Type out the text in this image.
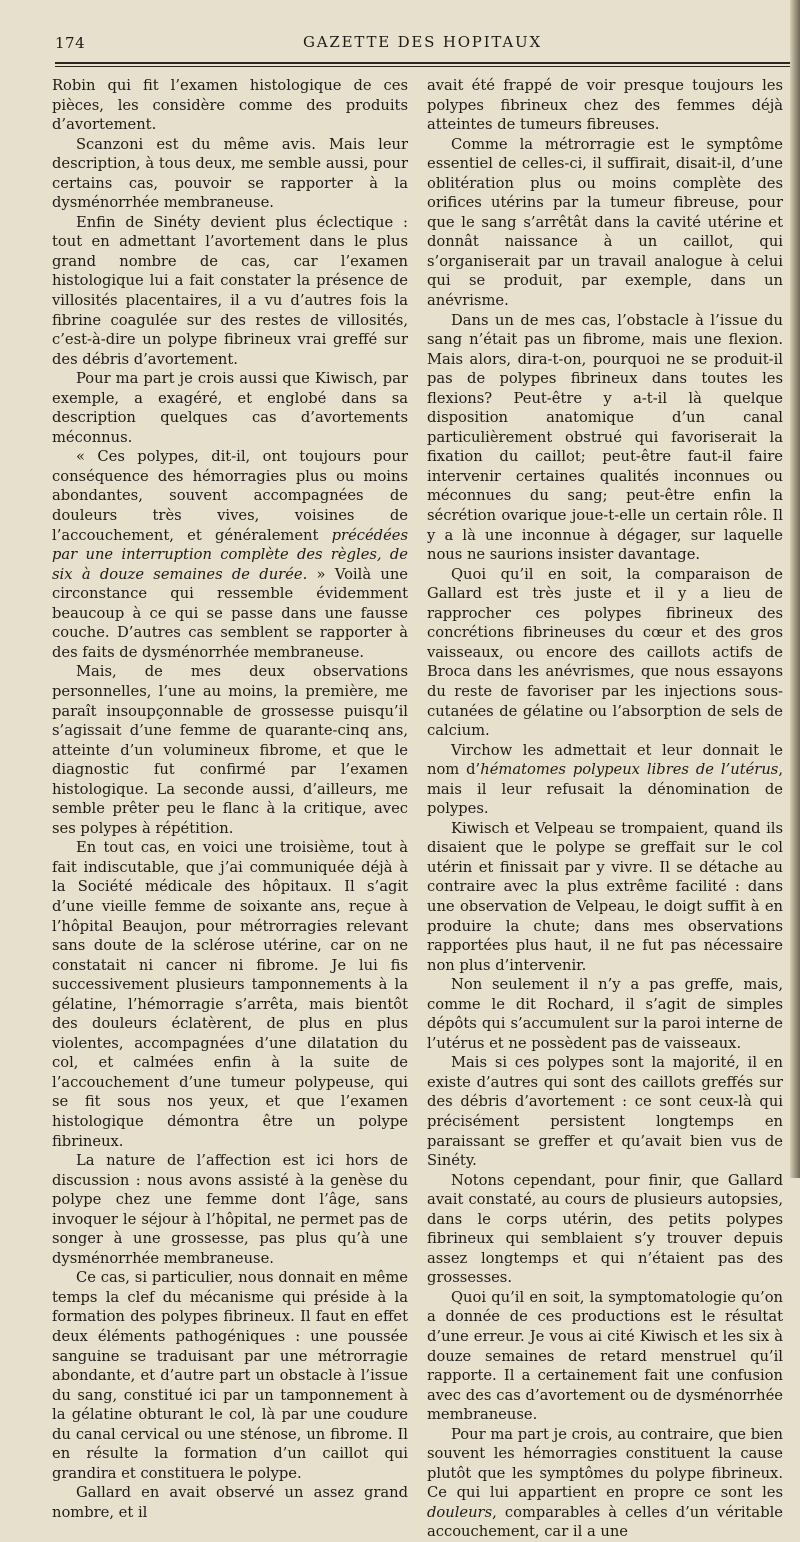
174	GAZETTE DES HOPITAUX

Robin qui fit l’examen histologique de ces pièces, les considère comme des produits d’avortement.

Scanzoni est du même avis. Mais leur description, à tous deux, me semble aussi, pour certains cas, pouvoir se rapporter à la dysménorrhée membraneuse.

Enfin de Sinéty devient plus éclectique : tout en admettant l’avortement dans le plus grand nombre de cas, car l’examen histologique lui a fait constater la présence de villosités placentaires, il a vu d’autres fois la fibrine coagulée sur des restes de villosités, c’est-à-dire un polype fibrineux vrai greffé sur des débris d’avortement.

Pour ma part je crois aussi que Kiwisch, par exemple, a exagéré, et englobé dans sa description quelques cas d’avortements méconnus.

« Ces polypes, dit-il, ont toujours pour conséquence des hémorragies plus ou moins abondantes, souvent accompagnées de douleurs très vives, voisines de l’accouchement, et généralement précédées par une interruption complète des règles, de six à douze semaines de durée. » Voilà une circonstance qui ressemble évidemment beaucoup à ce qui se passe dans une fausse couche. D’autres cas semblent se rapporter à des faits de dysménorrhée membraneuse.

Mais, de mes deux observations personnelles, l’une au moins, la première, me paraît insoupçonnable de grossesse puisqu’il s’agissait d’une femme de quarante-cinq ans, atteinte d’un volumineux fibrome, et que le diagnostic fut confirmé par l’examen histologique. La seconde aussi, d’ailleurs, me semble prêter peu le flanc à la critique, avec ses polypes à répétition.

En tout cas, en voici une troisième, tout à fait indiscutable, que j’ai communiquée déjà à la Société médicale des hôpitaux. Il s’agit d’une vieille femme de soixante ans, reçue à l’hôpital Beaujon, pour métrorragies relevant sans doute de la sclérose utérine, car on ne constatait ni cancer ni fibrome. Je lui fis successivement plusieurs tamponnements à la gélatine, l’hémorragie s’arrêta, mais bientôt des douleurs éclatèrent, de plus en plus violentes, accompagnées d’une dilatation du col, et calmées enfin à la suite de l’accouchement d’une tumeur polypeuse, qui se fit sous nos yeux, et que l’examen histologique démontra être un polype fibrineux.

La nature de l’affection est ici hors de discussion : nous avons assisté à la genèse du polype chez une femme dont l’âge, sans invoquer le séjour à l’hôpital, ne permet pas de songer à une grossesse, pas plus qu’à une dysménorrhée membraneuse.

Ce cas, si particulier, nous donnait en même temps la clef du mécanisme qui préside à la formation des polypes fibrineux. Il faut en effet deux éléments pathogéniques : une poussée sanguine se traduisant par une métrorragie abondante, et d’autre part un obstacle à l’issue du sang, constitué ici par un tamponnement à la gélatine obturant le col, là par une coudure du canal cervical ou une sténose, un fibrome. Il en résulte la formation d’un caillot qui grandira et constituera le polype.

Gallard en avait observé un assez grand nombre, et il

avait été frappé de voir presque toujours les polypes fibrineux chez des femmes déjà atteintes de tumeurs fibreuses.

Comme la métrorragie est le symptôme essentiel de celles-ci, il suffirait, disait-il, d’une oblitération plus ou moins complète des orifices utérins par la tumeur fibreuse, pour que le sang s’arrêtât dans la cavité utérine et donnât naissance à un caillot, qui s’organiserait par un travail analogue à celui qui se produit, par exemple, dans un anévrisme.

Dans un de mes cas, l’obstacle à l’issue du sang n’était pas un fibrome, mais une flexion. Mais alors, dira-t-on, pourquoi ne se produit-il pas de polypes fibrineux dans toutes les flexions? Peut-être y a-t-il là quelque disposition anatomique d’un canal particulièrement obstrué qui favoriserait la fixation du caillot; peut-être faut-il faire intervenir certaines qualités inconnues ou méconnues du sang; peut-être enfin la sécrétion ovarique joue-t-elle un certain rôle. Il y a là une inconnue à dégager, sur laquelle nous ne saurions insister davantage.

Quoi qu’il en soit, la comparaison de Gallard est très juste et il y a lieu de rapprocher ces polypes fibrineux des concrétions fibrineuses du cœur et des gros vaisseaux, ou encore des caillots actifs de Broca dans les anévrismes, que nous essayons du reste de favoriser par les injections sous-cutanées de gélatine ou l’absorption de sels de calcium.

Virchow les admettait et leur donnait le nom d’hématomes polypeux libres de l’utérus, mais il leur refusait la dénomination de polypes.

Kiwisch et Velpeau se trompaient, quand ils disaient que le polype se greffait sur le col utérin et finissait par y vivre. Il se détache au contraire avec la plus extrême facilité : dans une observation de Velpeau, le doigt suffit à en produire la chute; dans mes observations rapportées plus haut, il ne fut pas nécessaire non plus d’intervenir.

Non seulement il n’y a pas greffe, mais, comme le dit Rochard, il s’agit de simples dépôts qui s’accumulent sur la paroi interne de l’utérus et ne possèdent pas de vaisseaux.

Mais si ces polypes sont la majorité, il en existe d’autres qui sont des caillots greffés sur des débris d’avortement : ce sont ceux-là qui précisément persistent longtemps en paraissant se greffer et qu’avait bien vus de Sinéty.

Notons cependant, pour finir, que Gallard avait constaté, au cours de plusieurs autopsies, dans le corps utérin, des petits polypes fibrineux qui semblaient s’y trouver depuis assez longtemps et qui n’étaient pas des grossesses.

Quoi qu’il en soit, la symptomatologie qu’on a donnée de ces productions est le résultat d’une erreur. Je vous ai cité Kiwisch et les six à douze semaines de retard menstruel qu’il rapporte. Il a certainement fait une confusion avec des cas d’avortement ou de dysménorrhée membraneuse.

Pour ma part je crois, au contraire, que bien souvent les hémorragies constituent la cause plutôt que les symptômes du polype fibrineux. Ce qui lui appartient en propre ce sont les douleurs, comparables à celles d’un véritable accouchement, car il a une
